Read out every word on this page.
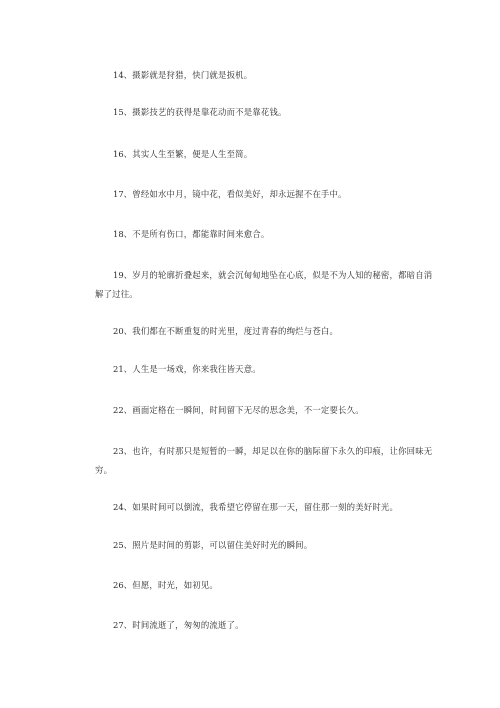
14、摄影就是狩猎，快门就是扳机。

15、摄影技艺的获得是靠花动而不是靠花钱。

16、其实人生至繁，便是人生至简。

17、曾经如水中月，镜中花，看似美好，却永远握不在手中。

18、不是所有伤口，都能靠时间来愈合。

19、岁月的轮廓折叠起来，就会沉甸甸地坠在心底，似是不为人知的秘密，都暗自消解了过往。

20、我们都在不断重复的时光里，度过青春的绚烂与苍白。

21、人生是一场戏，你来我往皆天意。

22、画面定格在一瞬间，时间留下无尽的思念美，不一定要长久。

23、也许，有时那只是短暂的一瞬，却足以在你的脑际留下永久的印痕，让你回味无穷。

24、如果时间可以倒流，我希望它停留在那一天，留住那一刻的美好时光。

25、照片是时间的剪影，可以留住美好时光的瞬间。

26、但愿，时光，如初见。

27、时间流逝了，匆匆的流逝了。
